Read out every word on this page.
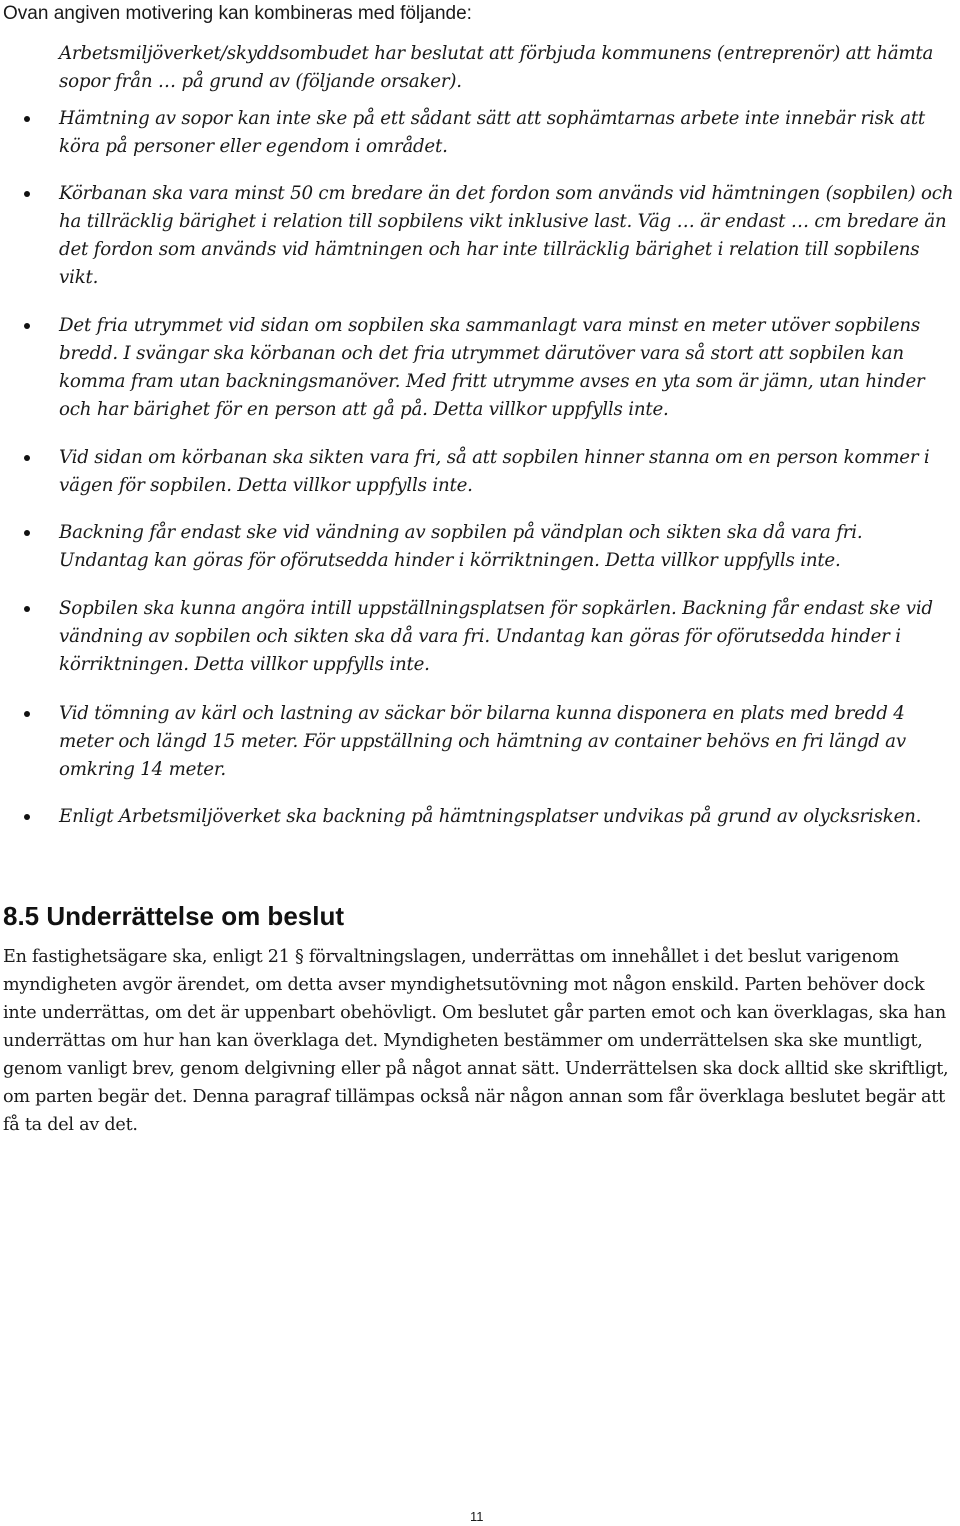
Ovan angiven motivering kan kombineras med följande:

Arbetsmiljöverket/skyddsombudet har beslutat att förbjuda kommunens (entreprenör) att hämta sopor från … på grund av (följande orsaker).

Hämtning av sopor kan inte ske på ett sådant sätt att sophämtarnas arbete inte innebär risk att köra på personer eller egendom i området.
Körbanan ska vara minst 50 cm bredare än det fordon som används vid hämtningen (sopbilen) och ha tillräcklig bärighet i relation till sopbilens vikt inklusive last. Väg … är endast … cm bredare än det fordon som används vid hämtningen och har inte tillräcklig bärighet i relation till sopbilens vikt.
Det fria utrymmet vid sidan om sopbilen ska sammanlagt vara minst en meter utöver sopbilens bredd. I svängar ska körbanan och det fria utrymmet därutöver vara så stort att sopbilen kan komma fram utan backningsmanöver. Med fritt utrymme avses en yta som är jämn, utan hinder och har bärighet för en person att gå på. Detta villkor uppfylls inte.
Vid sidan om körbanan ska sikten vara fri, så att sopbilen hinner stanna om en person kommer i vägen för sopbilen. Detta villkor uppfylls inte.
Backning får endast ske vid vändning av sopbilen på vändplan och sikten ska då vara fri. Undantag kan göras för oförutsedda hinder i körriktningen. Detta villkor uppfylls inte.
Sopbilen ska kunna angöra intill uppställningsplatsen för sopkärlen. Backning får endast ske vid vändning av sopbilen och sikten ska då vara fri. Undantag kan göras för oförutsedda hinder i körriktningen. Detta villkor uppfylls inte.
Vid tömning av kärl och lastning av säckar bör bilarna kunna disponera en plats med bredd 4 meter och längd 15 meter. För uppställning och hämtning av container behövs en fri längd av omkring 14 meter.
Enligt Arbetsmiljöverket ska backning på hämtningsplatser undvikas på grund av olycksrisken.
8.5 Underrättelse om beslut

En fastighetsägare ska, enligt 21 § förvaltningslagen, underrättas om innehållet i det beslut varigenom myndigheten avgör ärendet, om detta avser myndighetsutövning mot någon enskild. Parten behöver dock inte underrättas, om det är uppenbart obehövligt. Om beslutet går parten emot och kan överklagas, ska han underrättas om hur han kan överklaga det. Myndigheten bestämmer om underrättelsen ska ske muntligt, genom vanligt brev, genom delgivning eller på något annat sätt. Underrättelsen ska dock alltid ske skriftligt, om parten begär det. Denna paragraf tillämpas också när någon annan som får överklaga beslutet begär att få ta del av det.

11
